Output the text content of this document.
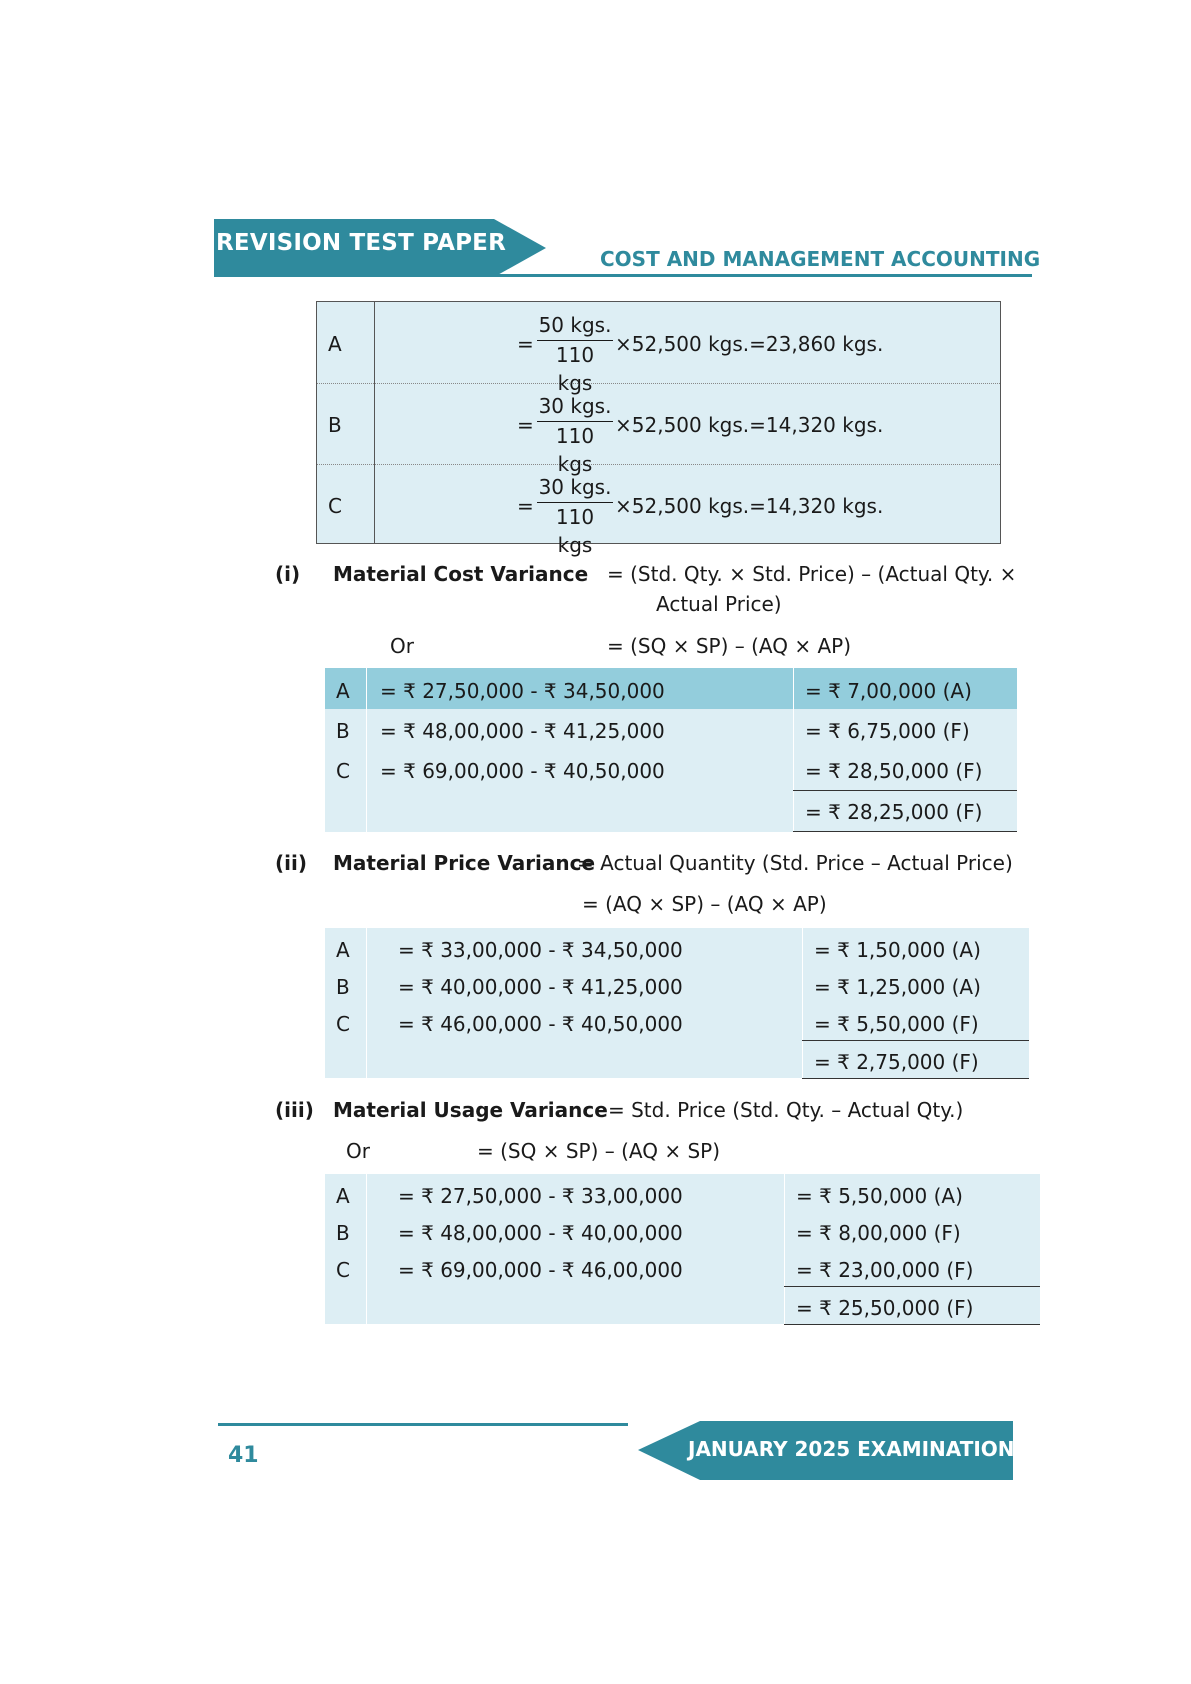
REVISION TEST PAPER
COST AND MANAGEMENT ACCOUNTING
A	=
50 kgs.
110 kgs
×52,500 kgs.=23,860 kgs.
B	=
30 kgs.
110 kgs
×52,500 kgs.=14,320 kgs.
C	=
30 kgs.
110 kgs
×52,500 kgs.=14,320 kgs.
(i) Material Cost Variance = (Std. Qty. × Std. Price) – (Actual Qty. ×
Actual Price)
Or	= (SQ × SP) – (AQ × AP)
A = ₹ 27,50,000 - ₹ 34,50,000	= ₹ 7,00,000 (A)
B = ₹ 48,00,000 - ₹ 41,25,000	= ₹ 6,75,000 (F)
C = ₹ 69,00,000 - ₹ 40,50,000	= ₹ 28,50,000 (F)
= ₹ 28,25,000 (F)
(ii) Material Price Variance
= Actual Quantity (Std. Price – Actual Price)
= (AQ × SP) – (AQ × AP)
A = ₹ 33,00,000 - ₹ 34,50,000	= ₹ 1,50,000 (A)
B = ₹ 40,00,000 - ₹ 41,25,000	= ₹ 1,25,000 (A)
C = ₹ 46,00,000 - ₹ 40,50,000	= ₹ 5,50,000 (F)
= ₹ 2,75,000 (F)
(iii) Material Usage Variance = Std. Price (Std. Qty. – Actual Qty.)
Or	= (SQ × SP) – (AQ × SP)
A = ₹ 27,50,000 - ₹ 33,00,000	= ₹ 5,50,000 (A)
B = ₹ 48,00,000 - ₹ 40,00,000	= ₹ 8,00,000 (F)
C = ₹ 69,00,000 - ₹ 46,00,000	= ₹ 23,00,000 (F)
= ₹ 25,50,000 (F)
41	JANUARY 2025 EXAMINATION
